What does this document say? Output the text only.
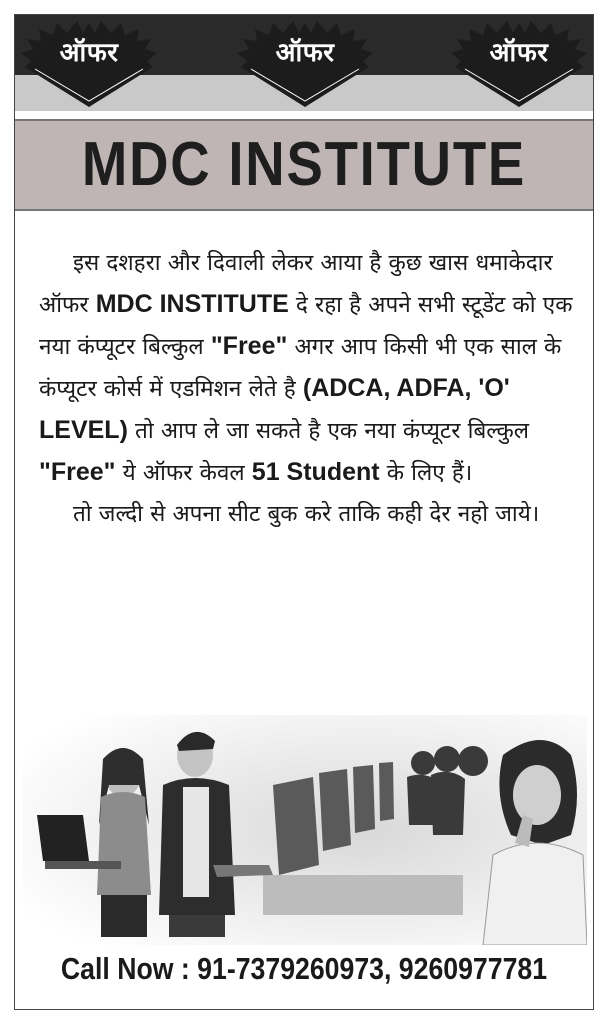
ऑफर	ऑफर	ऑफर
MDC INSTITUTE

इस दशहरा और दिवाली लेकर आया है कुछ खास धमाकेदार ऑफर MDC INSTITUTE दे रहा है अपने सभी स्टूडेंट को एक नया कंप्यूटर बिल्कुल "Free" अगर आप किसी भी एक साल के कंप्यूटर कोर्स में एडमिशन लेते है (ADCA, ADFA, 'O' LEVEL) तो आप ले जा सकते है एक नया कंप्यूटर बिल्कुल "Free" ये ऑफर केवल 51 Student के लिए हैं।

तो जल्दी से अपना सीट बुक करे ताकि कही देर नहो जाये।

Call Now : 91-7379260973, 9260977781
